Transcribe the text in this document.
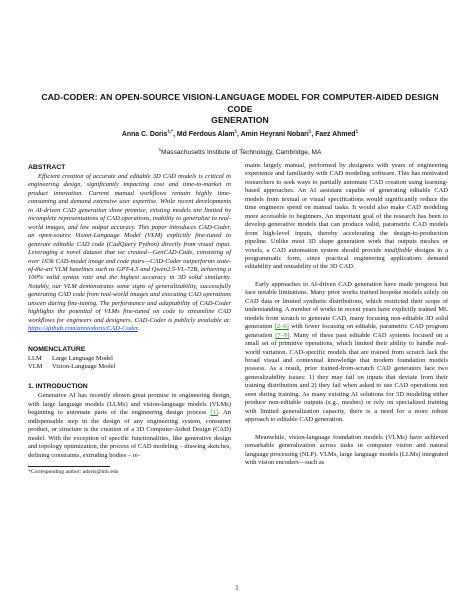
CAD-CODER: AN OPEN-SOURCE VISION-LANGUAGE MODEL FOR COMPUTER-AIDED DESIGN CODE
GENERATION
Anna C. Doris$^{1,*}$, Md Ferdous Alam$^1$, Amin Heyrani Nobari$^1$, Faez Ahmed$^1$
$^1$Massachusetts Institute of Technology, Cambridge, MA
ABSTRACT
Efficient creation of accurate and editable 3D CAD models is critical in engineering design, significantly impacting cost and time-to-market in product innovation. Current manual workflows remain highly time-consuming and demand extensive user expertise. While recent developments in AI-driven CAD generation show promise, existing models are limited by incomplete representations of CAD operations, inability to generalize to real-world images, and low output accuracy. This paper introduces CAD-Coder, an open-source Vision-Language Model (VLM) explicitly fine-tuned to generate editable CAD code (CadQuery Python) directly from visual input. Leveraging a novel dataset that we created—GenCAD-Code, consisting of over 163k CAD-model image and code pairs—CAD-Coder outperforms state-of-the-art VLM baselines such as GPT-4.5 and Qwen2.5-VL-72B, achieving a 100% valid syntax rate and the highest accuracy in 3D solid similarity. Notably, our VLM demonstrates some signs of generalizability, successfully generating CAD code from real-world images and executing CAD operations unseen during fine-tuning. The performance and adaptability of CAD-Coder highlights the potential of VLMs fine-tuned on code to streamline CAD workflows for engineers and designers. CAD-Coder is publicly available at: https://github.com/anniedoris/CAD-Coder.
NOMENCLATURE
LLM	Large Language Model
VLM	Vision-Language Model
1. INTRODUCTION
Generative AI has recently shown great promise in engineering design, with large language models (LLMs) and vision-language models (VLMs) beginning to automate parts of the engineering design process [1]. An indispensable step in the design of any engineering system, consumer product, or structure is the creation of a 3D Computer-Aided Design (CAD) model. With the exception of specific functionalities, like generative design and topology optimization, the process of CAD modeling – drawing sketches, defining constraints, extruding bodies – re-
*Corresponding author: adoris@mit.edu
mains largely manual, performed by designers with years of engineering experience and familiarity with CAD modeling software. This has motivated researchers to seek ways to partially automate CAD creation using learning-based approaches. An AI assistant capable of generating editable CAD models from textual or visual specifications would significantly reduce the time engineers spend on manual tasks. It would also make CAD modeling more accessible to beginners. An important goal of the research has been to develop generative models that can produce valid, parametric CAD models from high-level inputs, thereby accelerating the design-to-production pipeline. Unlike most 3D shape generation work that outputs meshes or voxels, a CAD automation system should provide modifiable designs in a programmatic form, since practical engineering applications demand editability and reusability of the 3D CAD.
Early approaches to AI-driven CAD generation have made progress but face notable limitations. Many prior works trained bespoke models solely on CAD data or limited synthetic distributions, which restricted their scope of understanding. A number of works in recent years have explicitly trained ML models from scratch to generate CAD, many focusing non-editable 3D solid generation [2–6] with fewer focusing on editable, parametric CAD program generation [7–9]. Many of these past editable CAD systems focused on a small set of primitive operations, which limited their ability to handle real-world variation. CAD-specific models that are trained from scratch lack the broad visual and contextual knowledge that modern foundation models possess. As a result, prior trained-from-scratch CAD generators face two generalizability issues: 1) they may fail on inputs that deviate from their training distribution and 2) they fail when asked to use CAD operations not seen during training. As many existing AI solutions for 3D modeling either produce non-editable outputs (e.g., meshes) or rely on specialized training with limited generalization capacity, there is a need for a more robust approach to editable CAD generation.
Meanwhile, vision-language foundation models (VLMs) have achieved remarkable generalization across tasks in computer vision and natural language processing (NLP). VLMs, large language models (LLMs) integrated with vision encoders—such as
1
